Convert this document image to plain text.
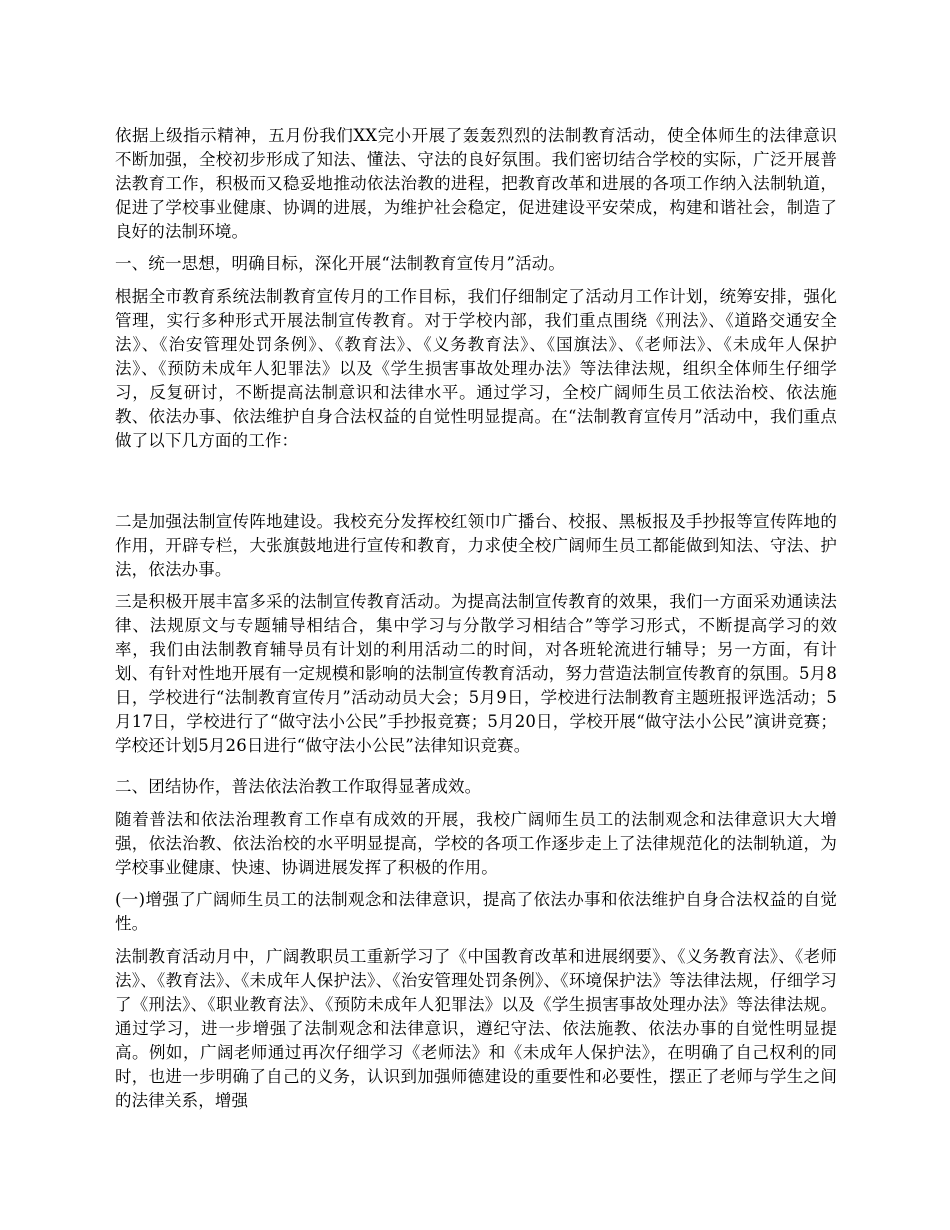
依据上级指示精神，五月份我们XX完小开展了轰轰烈烈的法制教育活动，使全体师生的法律意识不断加强，全校初步形成了知法、懂法、守法的良好氛围。我们密切结合学校的实际，广泛开展普法教育工作，积极而又稳妥地推动依法治教的进程，把教育改革和进展的各项工作纳入法制轨道，促进了学校事业健康、协调的进展，为维护社会稳定，促进建设平安荣成，构建和谐社会，制造了良好的法制环境。

一、统一思想，明确目标，深化开展“法制教育宣传月”活动。

根据全市教育系统法制教育宣传月的工作目标，我们仔细制定了活动月工作计划，统筹安排，强化管理，实行多种形式开展法制宣传教育。对于学校内部，我们重点围绕《刑法》、《道路交通安全法》、《治安管理处罚条例》、《教育法》、《义务教育法》、《国旗法》、《老师法》、《未成年人保护法》、《预防未成年人犯罪法》以及《学生损害事故处理办法》等法律法规，组织全体师生仔细学习，反复研讨，不断提高法制意识和法律水平。通过学习，全校广阔师生员工依法治校、依法施教、依法办事、依法维护自身合法权益的自觉性明显提高。在“法制教育宣传月”活动中，我们重点做了以下几方面的工作：

二是加强法制宣传阵地建设。我校充分发挥校红领巾广播台、校报、黑板报及手抄报等宣传阵地的作用，开辟专栏，大张旗鼓地进行宣传和教育，力求使全校广阔师生员工都能做到知法、守法、护法，依法办事。

三是积极开展丰富多采的法制宣传教育活动。为提高法制宣传教育的效果，我们一方面采劝通读法律、法规原文与专题辅导相结合，集中学习与分散学习相结合”等学习形式，不断提高学习的效率，我们由法制教育辅导员有计划的利用活动二的时间，对各班轮流进行辅导；另一方面，有计划、有针对性地开展有一定规模和影响的法制宣传教育活动，努力营造法制宣传教育的氛围。5月8日，学校进行“法制教育宣传月”活动动员大会；5月9日，学校进行法制教育主题班报评选活动；5月17日，学校进行了“做守法小公民”手抄报竞赛；5月20日，学校开展“做守法小公民”演讲竞赛；学校还计划5月26日进行“做守法小公民”法律知识竞赛。

二、团结协作，普法依法治教工作取得显著成效。

随着普法和依法治理教育工作卓有成效的开展，我校广阔师生员工的法制观念和法律意识大大增强，依法治教、依法治校的水平明显提高，学校的各项工作逐步走上了法律规范化的法制轨道，为学校事业健康、快速、协调进展发挥了积极的作用。

(一)增强了广阔师生员工的法制观念和法律意识，提高了依法办事和依法维护自身合法权益的自觉性。

法制教育活动月中，广阔教职员工重新学习了《中国教育改革和进展纲要》、《义务教育法》、《老师法》、《教育法》、《未成年人保护法》、《治安管理处罚条例》、《环境保护法》等法律法规，仔细学习了《刑法》、《职业教育法》、《预防未成年人犯罪法》以及《学生损害事故处理办法》等法律法规。通过学习，进一步增强了法制观念和法律意识，遵纪守法、依法施教、依法办事的自觉性明显提高。例如，广阔老师通过再次仔细学习《老师法》和《未成年人保护法》，在明确了自己权利的同时，也进一步明确了自己的义务，认识到加强师德建设的重要性和必要性，摆正了老师与学生之间的法律关系，增强
